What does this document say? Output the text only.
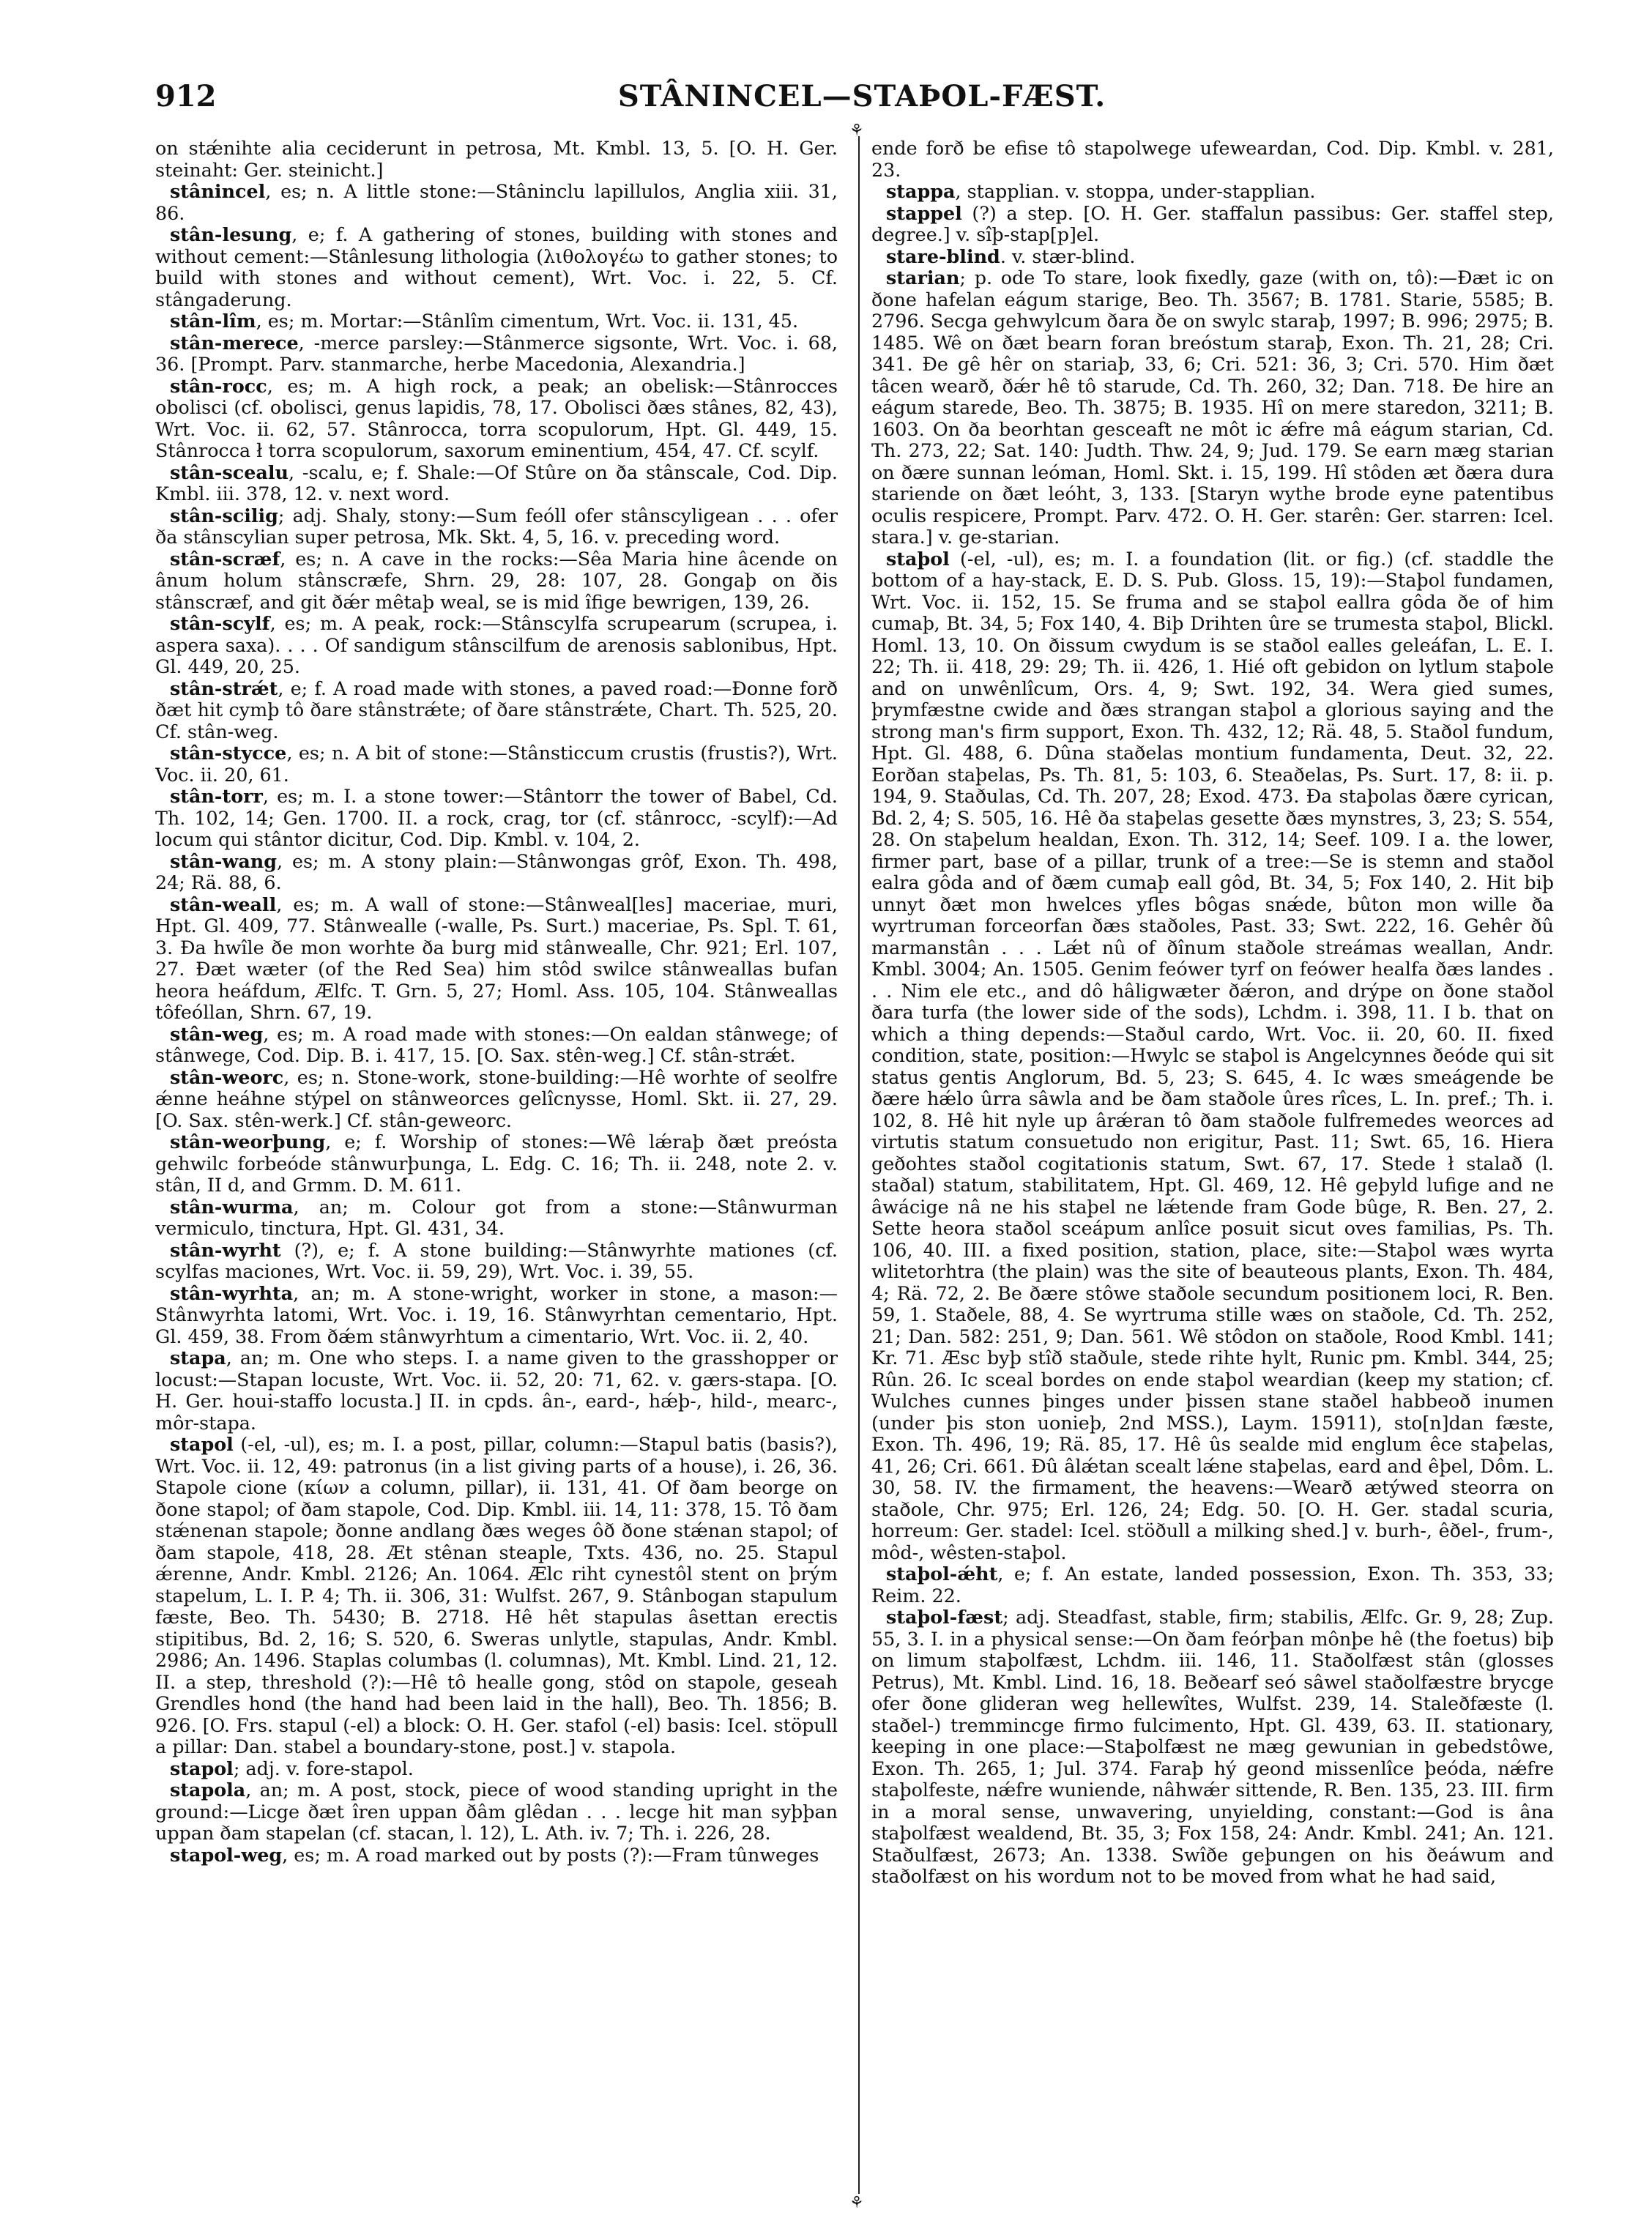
912	STÂNINCEL—STAÞOL-FÆST.

on stǽnihte alia ceciderunt in petrosa, Mt. Kmbl. 13, 5. [O. H. Ger. steinaht: Ger. steinicht.]

stânincel, es; n. A little stone:—Stâninclu lapillulos, Anglia xiii. 31, 86.

stân-lesung, e; f. A gathering of stones, building with stones and without cement:—Stânlesung lithologia (λιθολογέω to gather stones; to build with stones and without cement), Wrt. Voc. i. 22, 5. Cf. stângaderung.

stân-lîm, es; m. Mortar:—Stânlîm cimentum, Wrt. Voc. ii. 131, 45.

stân-merece, -merce parsley:—Stânmerce sigsonte, Wrt. Voc. i. 68, 36. [Prompt. Parv. stanmarche, herbe Macedonia, Alexandria.]

stân-rocc, es; m. A high rock, a peak; an obelisk:—Stânrocces obolisci (cf. obolisci, genus lapidis, 78, 17. Obolisci ðæs stânes, 82, 43), Wrt. Voc. ii. 62, 57. Stânrocca, torra scopulorum, Hpt. Gl. 449, 15. Stânrocca ł torra scopulorum, saxorum eminentium, 454, 47. Cf. scylf.

stân-scealu, -scalu, e; f. Shale:—Of Stûre on ða stânscale, Cod. Dip. Kmbl. iii. 378, 12. v. next word.

stân-scilig; adj. Shaly, stony:—Sum feóll ofer stânscyligean . . . ofer ða stânscylian super petrosa, Mk. Skt. 4, 5, 16. v. preceding word.

stân-scræf, es; n. A cave in the rocks:—Sêa Maria hine âcende on ânum holum stânscræfe, Shrn. 29, 28: 107, 28. Gongaþ on ðis stânscræf, and git ðǽr mêtaþ weal, se is mid îfige bewrigen, 139, 26.

stân-scylf, es; m. A peak, rock:—Stânscylfa scrupearum (scrupea, i. aspera saxa). . . . Of sandigum stânscilfum de arenosis sablonibus, Hpt. Gl. 449, 20, 25.

stân-strǽt, e; f. A road made with stones, a paved road:—Ðonne forð ðæt hit cymþ tô ðare stânstrǽte; of ðare stânstrǽte, Chart. Th. 525, 20. Cf. stân-weg.

stân-stycce, es; n. A bit of stone:—Stânsticcum crustis (frustis?), Wrt. Voc. ii. 20, 61.

stân-torr, es; m. I. a stone tower:—Stântorr the tower of Babel, Cd. Th. 102, 14; Gen. 1700. II. a rock, crag, tor (cf. stânrocc, -scylf):—Ad locum qui stântor dicitur, Cod. Dip. Kmbl. v. 104, 2.

stân-wang, es; m. A stony plain:—Stânwongas grôf, Exon. Th. 498, 24; Rä. 88, 6.

stân-weall, es; m. A wall of stone:—Stânweal[les] maceriae, muri, Hpt. Gl. 409, 77. Stânwealle (-walle, Ps. Surt.) maceriae, Ps. Spl. T. 61, 3. Ða hwîle ðe mon worhte ða burg mid stânwealle, Chr. 921; Erl. 107, 27. Ðæt wæter (of the Red Sea) him stôd swilce stânweallas bufan heora heáfdum, Ælfc. T. Grn. 5, 27; Homl. Ass. 105, 104. Stânweallas tôfeóllan, Shrn. 67, 19.

stân-weg, es; m. A road made with stones:—On ealdan stânwege; of stânwege, Cod. Dip. B. i. 417, 15. [O. Sax. stên-weg.] Cf. stân-strǽt.

stân-weorc, es; n. Stone-work, stone-building:—Hê worhte of seolfre ǽnne heáhne stýpel on stânweorces gelîcnysse, Homl. Skt. ii. 27, 29. [O. Sax. stên-werk.] Cf. stân-geweorc.

stân-weorþung, e; f. Worship of stones:—Wê lǽraþ ðæt preósta gehwilc forbeóde stânwurþunga, L. Edg. C. 16; Th. ii. 248, note 2. v. stân, II d, and Grmm. D. M. 611.

stân-wurma, an; m. Colour got from a stone:—Stânwurman vermiculo, tinctura, Hpt. Gl. 431, 34.

stân-wyrht (?), e; f. A stone building:—Stânwyrhte mationes (cf. scylfas maciones, Wrt. Voc. ii. 59, 29), Wrt. Voc. i. 39, 55.

stân-wyrhta, an; m. A stone-wright, worker in stone, a mason:—Stânwyrhta latomi, Wrt. Voc. i. 19, 16. Stânwyrhtan cementario, Hpt. Gl. 459, 38. From ðǽm stânwyrhtum a cimentario, Wrt. Voc. ii. 2, 40.

stapa, an; m. One who steps. I. a name given to the grasshopper or locust:—Stapan locuste, Wrt. Voc. ii. 52, 20: 71, 62. v. gærs-stapa. [O. H. Ger. houi-staffo locusta.] II. in cpds. ân-, eard-, hǽþ-, hild-, mearc-, môr-stapa.

stapol (-el, -ul), es; m. I. a post, pillar, column:—Stapul batis (basis?), Wrt. Voc. ii. 12, 49: patronus (in a list giving parts of a house), i. 26, 36. Stapole cione (κίων a column, pillar), ii. 131, 41. Of ðam beorge on ðone stapol; of ðam stapole, Cod. Dip. Kmbl. iii. 14, 11: 378, 15. Tô ðam stǽnenan stapole; ðonne andlang ðæs weges ôð ðone stǽnan stapol; of ðam stapole, 418, 28. Æt stênan steaple, Txts. 436, no. 25. Stapul ǽrenne, Andr. Kmbl. 2126; An. 1064. Ælc riht cynestôl stent on þrým stapelum, L. I. P. 4; Th. ii. 306, 31: Wulfst. 267, 9. Stânbogan stapulum fæste, Beo. Th. 5430; B. 2718. Hê hêt stapulas âsettan erectis stipitibus, Bd. 2, 16; S. 520, 6. Sweras unlytle, stapulas, Andr. Kmbl. 2986; An. 1496. Staplas columbas (l. columnas), Mt. Kmbl. Lind. 21, 12. II. a step, threshold (?):—Hê tô healle gong, stôd on stapole, geseah Grendles hond (the hand had been laid in the hall), Beo. Th. 1856; B. 926. [O. Frs. stapul (-el) a block: O. H. Ger. stafol (-el) basis: Icel. stöpull a pillar: Dan. stabel a boundary-stone, post.] v. stapola.

stapol; adj. v. fore-stapol.

stapola, an; m. A post, stock, piece of wood standing upright in the ground:—Licge ðæt îren uppan ðâm glêdan . . . lecge hit man syþþan uppan ðam stapelan (cf. stacan, l. 12), L. Ath. iv. 7; Th. i. 226, 28.

stapol-weg, es; m. A road marked out by posts (?):—Fram tûnweges

⚘
⚘

ende forð be efise tô stapolwege ufeweardan, Cod. Dip. Kmbl. v. 281, 23.

stappa, stapplian. v. stoppa, under-stapplian.

stappel (?) a step. [O. H. Ger. staffalun passibus: Ger. staffel step, degree.] v. sîþ-stap[p]el.

stare-blind. v. stær-blind.

starian; p. ode To stare, look fixedly, gaze (with on, tô):—Ðæt ic on ðone hafelan eágum starige, Beo. Th. 3567; B. 1781. Starie, 5585; B. 2796. Secga gehwylcum ðara ðe on swylc staraþ, 1997; B. 996; 2975; B. 1485. Wê on ðæt bearn foran breóstum staraþ, Exon. Th. 21, 28; Cri. 341. Ðe gê hêr on stariaþ, 33, 6; Cri. 521: 36, 3; Cri. 570. Him ðæt tâcen wearð, ðǽr hê tô starude, Cd. Th. 260, 32; Dan. 718. Ðe hire an eágum starede, Beo. Th. 3875; B. 1935. Hî on mere staredon, 3211; B. 1603. On ða beorhtan gesceaft ne môt ic ǽfre mâ eágum starian, Cd. Th. 273, 22; Sat. 140: Judth. Thw. 24, 9; Jud. 179. Se earn mæg starian on ðære sunnan leóman, Homl. Skt. i. 15, 199. Hî stôden æt ðæra dura stariende on ðæt leóht, 3, 133. [Staryn wythe brode eyne patentibus oculis respicere, Prompt. Parv. 472. O. H. Ger. starên: Ger. starren: Icel. stara.] v. ge-starian.

staþol (-el, -ul), es; m. I. a foundation (lit. or fig.) (cf. staddle the bottom of a hay-stack, E. D. S. Pub. Gloss. 15, 19):—Staþol fundamen, Wrt. Voc. ii. 152, 15. Se fruma and se staþol eallra gôda ðe of him cumaþ, Bt. 34, 5; Fox 140, 4. Biþ Drihten ûre se trumesta staþol, Blickl. Homl. 13, 10. On ðissum cwydum is se staðol ealles geleáfan, L. E. I. 22; Th. ii. 418, 29: 29; Th. ii. 426, 1. Hié oft gebidon on lytlum staþole and on unwênlîcum, Ors. 4, 9; Swt. 192, 34. Wera gied sumes, þrymfæstne cwide and ðæs strangan staþol a glorious saying and the strong man's firm support, Exon. Th. 432, 12; Rä. 48, 5. Staðol fundum, Hpt. Gl. 488, 6. Dûna staðelas montium fundamenta, Deut. 32, 22. Eorðan staþelas, Ps. Th. 81, 5: 103, 6. Steaðelas, Ps. Surt. 17, 8: ii. p. 194, 9. Staðulas, Cd. Th. 207, 28; Exod. 473. Ða staþolas ðære cyrican, Bd. 2, 4; S. 505, 16. Hê ða staþelas gesette ðæs mynstres, 3, 23; S. 554, 28. On staþelum healdan, Exon. Th. 312, 14; Seef. 109. I a. the lower, firmer part, base of a pillar, trunk of a tree:—Se is stemn and staðol ealra gôda and of ðæm cumaþ eall gôd, Bt. 34, 5; Fox 140, 2. Hit biþ unnyt ðæt mon hwelces yfles bôgas snǽde, bûton mon wille ða wyrtruman forceorfan ðæs staðoles, Past. 33; Swt. 222, 16. Gehêr ðû marmanstân . . . Lǽt nû of ðînum staðole streámas weallan, Andr. Kmbl. 3004; An. 1505. Genim feówer tyrf on feówer healfa ðæs landes . . . Nim ele etc., and dô hâligwæter ðǽron, and drýpe on ðone staðol ðara turfa (the lower side of the sods), Lchdm. i. 398, 11. I b. that on which a thing depends:—Staðul cardo, Wrt. Voc. ii. 20, 60. II. fixed condition, state, position:—Hwylc se staþol is Angelcynnes ðeóde qui sit status gentis Anglorum, Bd. 5, 23; S. 645, 4. Ic wæs smeágende be ðære hǽlo ûrra sâwla and be ðam staðole ûres rîces, L. In. pref.; Th. i. 102, 8. Hê hit nyle up ârǽran tô ðam staðole fulfremedes weorces ad virtutis statum consuetudo non erigitur, Past. 11; Swt. 65, 16. Hiera geðohtes staðol cogitationis statum, Swt. 67, 17. Stede ł stalað (l. staðal) statum, stabilitatem, Hpt. Gl. 469, 12. Hê geþyld lufige and ne âwácige nâ ne his staþel ne lǽtende fram Gode bûge, R. Ben. 27, 2. Sette heora staðol sceápum anlîce posuit sicut oves familias, Ps. Th. 106, 40. III. a fixed position, station, place, site:—Staþol wæs wyrta wlitetorhtra (the plain) was the site of beauteous plants, Exon. Th. 484, 4; Rä. 72, 2. Be ðære stôwe staðole secundum positionem loci, R. Ben. 59, 1. Staðele, 88, 4. Se wyrtruma stille wæs on staðole, Cd. Th. 252, 21; Dan. 582: 251, 9; Dan. 561. Wê stôdon on staðole, Rood Kmbl. 141; Kr. 71. Æsc byþ stîð staðule, stede rihte hylt, Runic pm. Kmbl. 344, 25; Rûn. 26. Ic sceal bordes on ende staþol weardian (keep my station; cf. Wulches cunnes þinges under þissen stane staðel habbeoð inumen (under þis ston uonieþ, 2nd MSS.), Laym. 15911), sto[n]dan fæste, Exon. Th. 496, 19; Rä. 85, 17. Hê ûs sealde mid englum êce staþelas, 41, 26; Cri. 661. Ðû âlǽtan scealt lǽne staþelas, eard and êþel, Dôm. L. 30, 58. IV. the firmament, the heavens:—Wearð ætýwed steorra on staðole, Chr. 975; Erl. 126, 24; Edg. 50. [O. H. Ger. stadal scuria, horreum: Ger. stadel: Icel. stöðull a milking shed.] v. burh-, êðel-, frum-, môd-, wêsten-staþol.

staþol-ǽht, e; f. An estate, landed possession, Exon. Th. 353, 33; Reim. 22.

staþol-fæst; adj. Steadfast, stable, firm; stabilis, Ælfc. Gr. 9, 28; Zup. 55, 3. I. in a physical sense:—On ðam feórþan mônþe hê (the foetus) biþ on limum staþolfæst, Lchdm. iii. 146, 11. Staðolfæst stân (glosses Petrus), Mt. Kmbl. Lind. 16, 18. Beðearf seó sâwel staðolfæstre brycge ofer ðone glideran weg hellewîtes, Wulfst. 239, 14. Staleðfæste (l. staðel-) tremmincge firmo fulcimento, Hpt. Gl. 439, 63. II. stationary, keeping in one place:—Staþolfæst ne mæg gewunian in gebedstôwe, Exon. Th. 265, 1; Jul. 374. Faraþ hý geond missenlîce þeóda, nǽfre staþolfeste, nǽfre wuniende, nâhwǽr sittende, R. Ben. 135, 23. III. firm in a moral sense, unwavering, unyielding, constant:—God is âna staþolfæst wealdend, Bt. 35, 3; Fox 158, 24: Andr. Kmbl. 241; An. 121. Staðulfæst, 2673; An. 1338. Swîðe geþungen on his ðeáwum and staðolfæst on his wordum not to be moved from what he had said,
